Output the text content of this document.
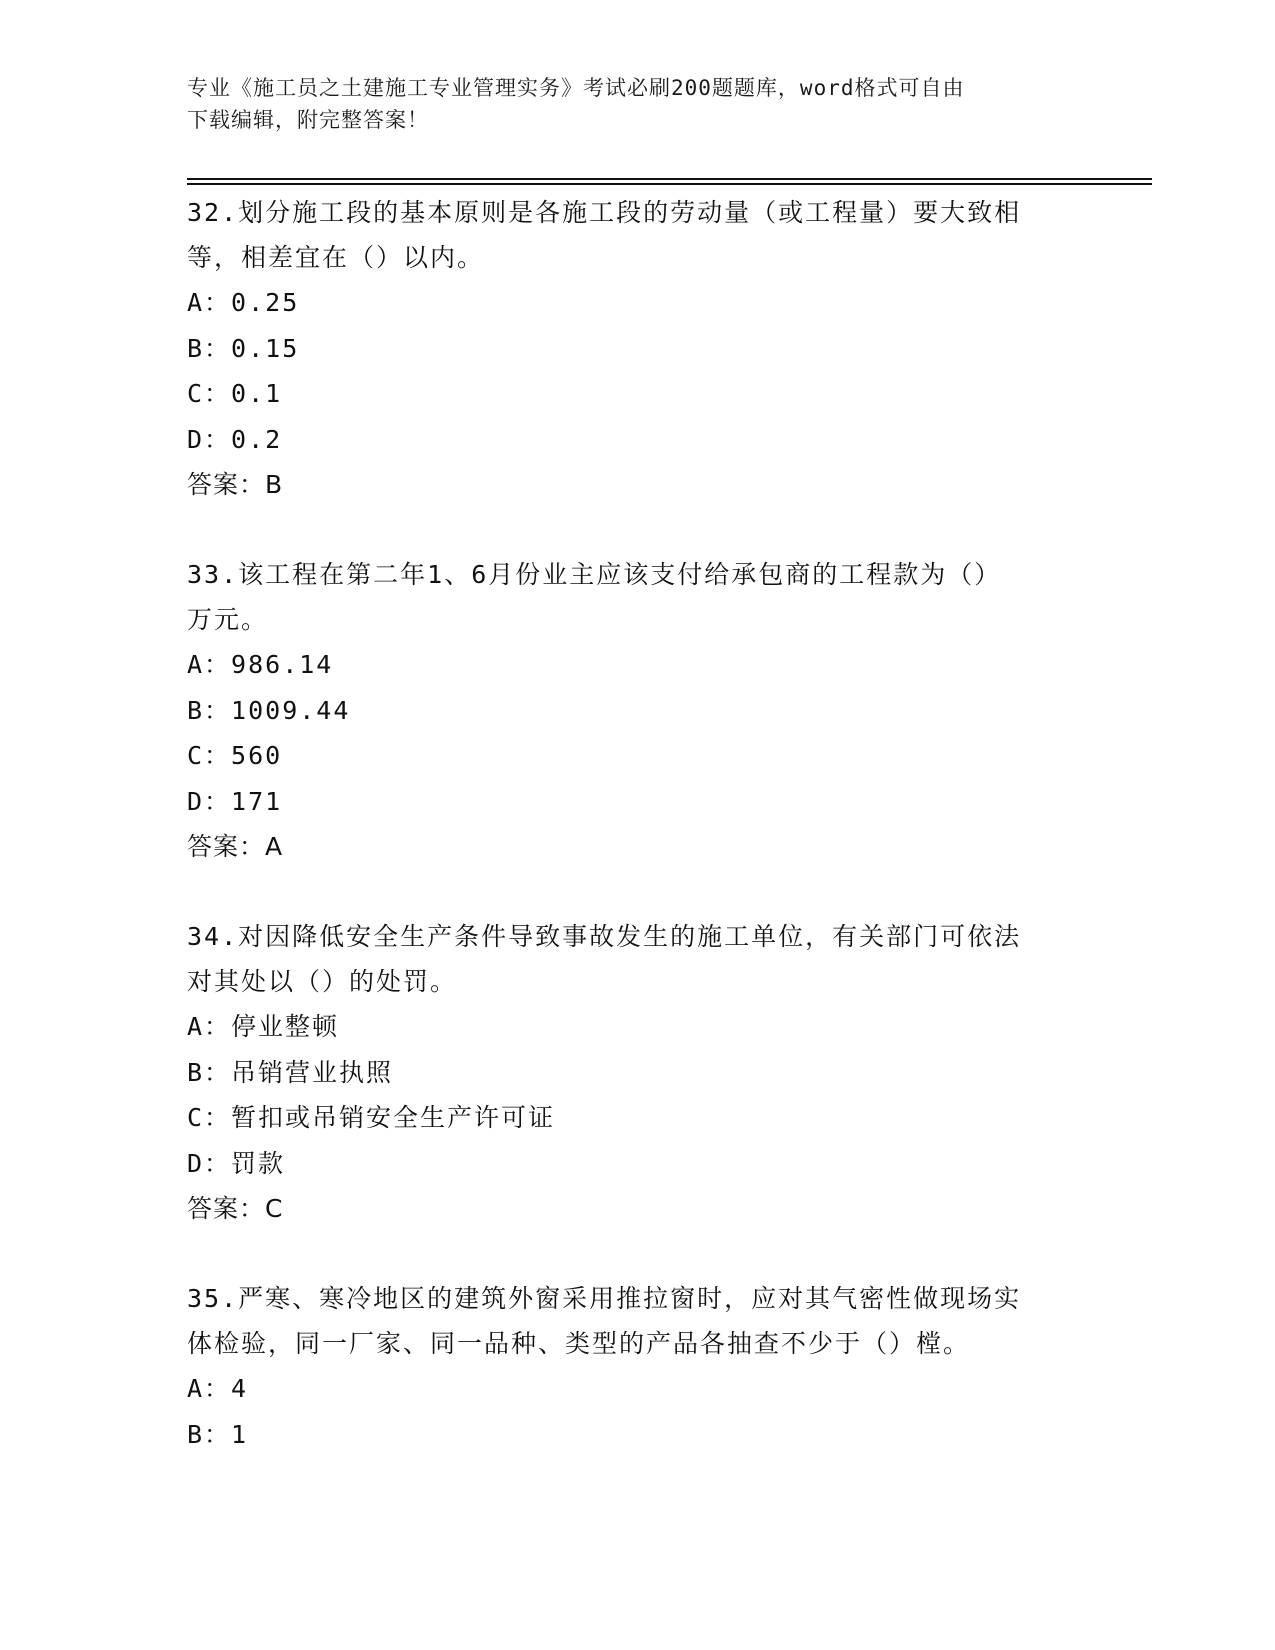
专业《施工员之土建施工专业管理实务》考试必刷200题题库，word格式可自由
下载编辑，附完整答案！

32.划分施工段的基本原则是各施工段的劳动量（或工程量）要大致相
等，相差宜在（）以内。

A：0.25

B：0.15

C：0.1

D：0.2

答案：B

33.该工程在第二年1、6月份业主应该支付给承包商的工程款为（）
万元。

A：986.14

B：1009.44

C：560

D：171

答案：A

34.对因降低安全生产条件导致事故发生的施工单位，有关部门可依法
对其处以（）的处罚。

A：停业整顿

B：吊销营业执照

C：暂扣或吊销安全生产许可证

D：罚款

答案：C

35.严寒、寒冷地区的建筑外窗采用推拉窗时，应对其气密性做现场实
体检验，同一厂家、同一品种、类型的产品各抽查不少于（）樘。

A：4

B：1
